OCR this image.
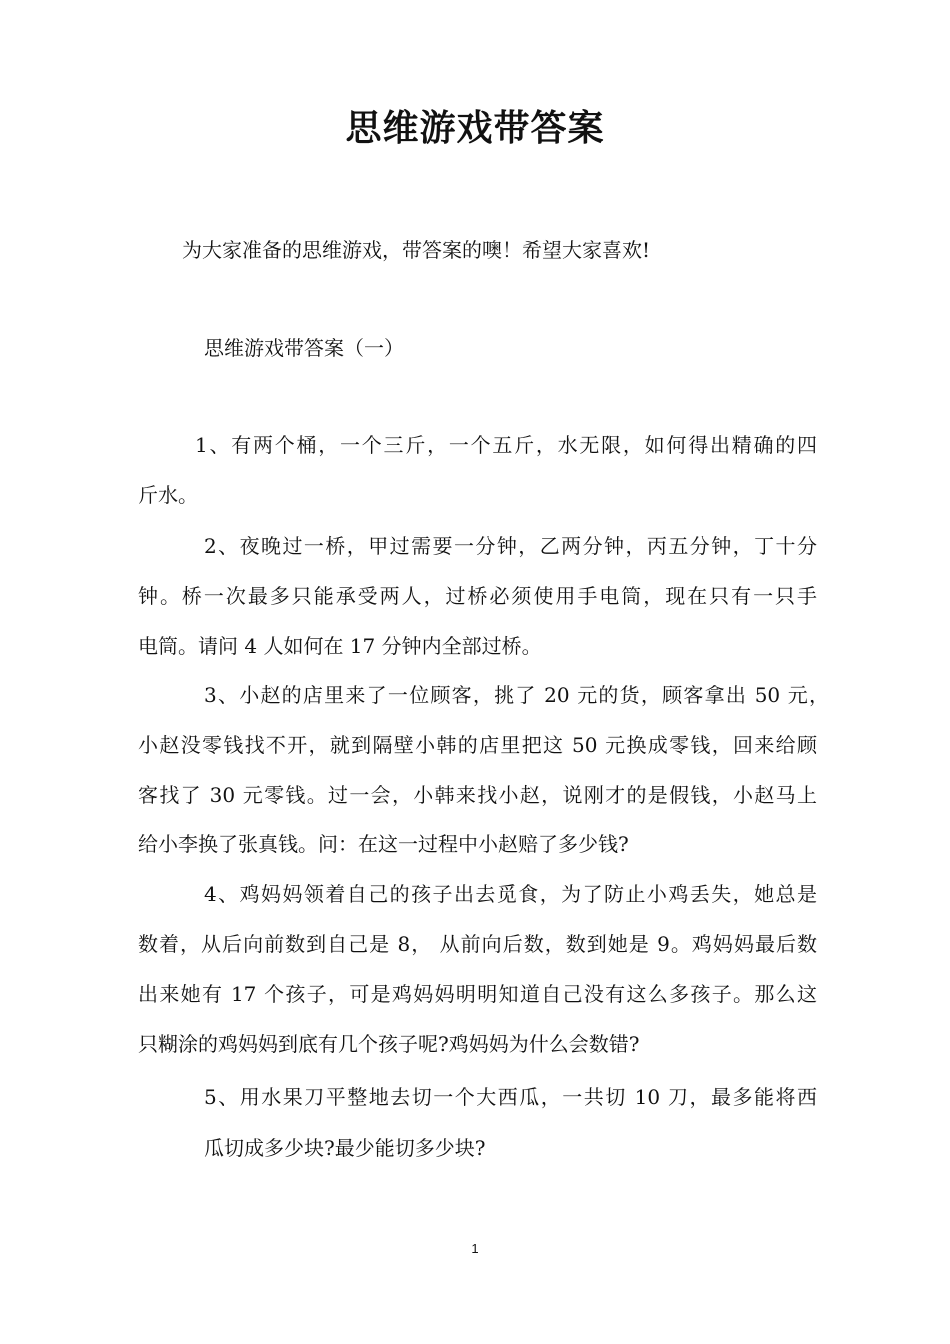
思维游戏带答案
为大家准备的思维游戏，带答案的噢！希望大家喜欢!
思维游戏带答案（一）
1、有两个桶，一个三斤，一个五斤，水无限，如何得出精确的四
斤水。
2、夜晚过一桥，甲过需要一分钟，乙两分钟，丙五分钟，丁十分
钟。桥一次最多只能承受两人，过桥必须使用手电筒，现在只有一只手
电筒。请问 4 人如何在 17 分钟内全部过桥。
3、小赵的店里来了一位顾客，挑了 20 元的货，顾客拿出 50 元，
小赵没零钱找不开，就到隔壁小韩的店里把这 50 元换成零钱，回来给顾
客找了 30 元零钱。过一会，小韩来找小赵，说刚才的是假钱，小赵马上
给小李换了张真钱。问：在这一过程中小赵赔了多少钱?
4、鸡妈妈领着自己的孩子出去觅食，为了防止小鸡丢失，她总是
数着，从后向前数到自己是 8， 从前向后数，数到她是 9。鸡妈妈最后数
出来她有 17 个孩子，可是鸡妈妈明明知道自己没有这么多孩子。那么这
只糊涂的鸡妈妈到底有几个孩子呢?鸡妈妈为什么会数错?
5、用水果刀平整地去切一个大西瓜，一共切 10 刀，最多能将西
瓜切成多少块?最少能切多少块?
1
